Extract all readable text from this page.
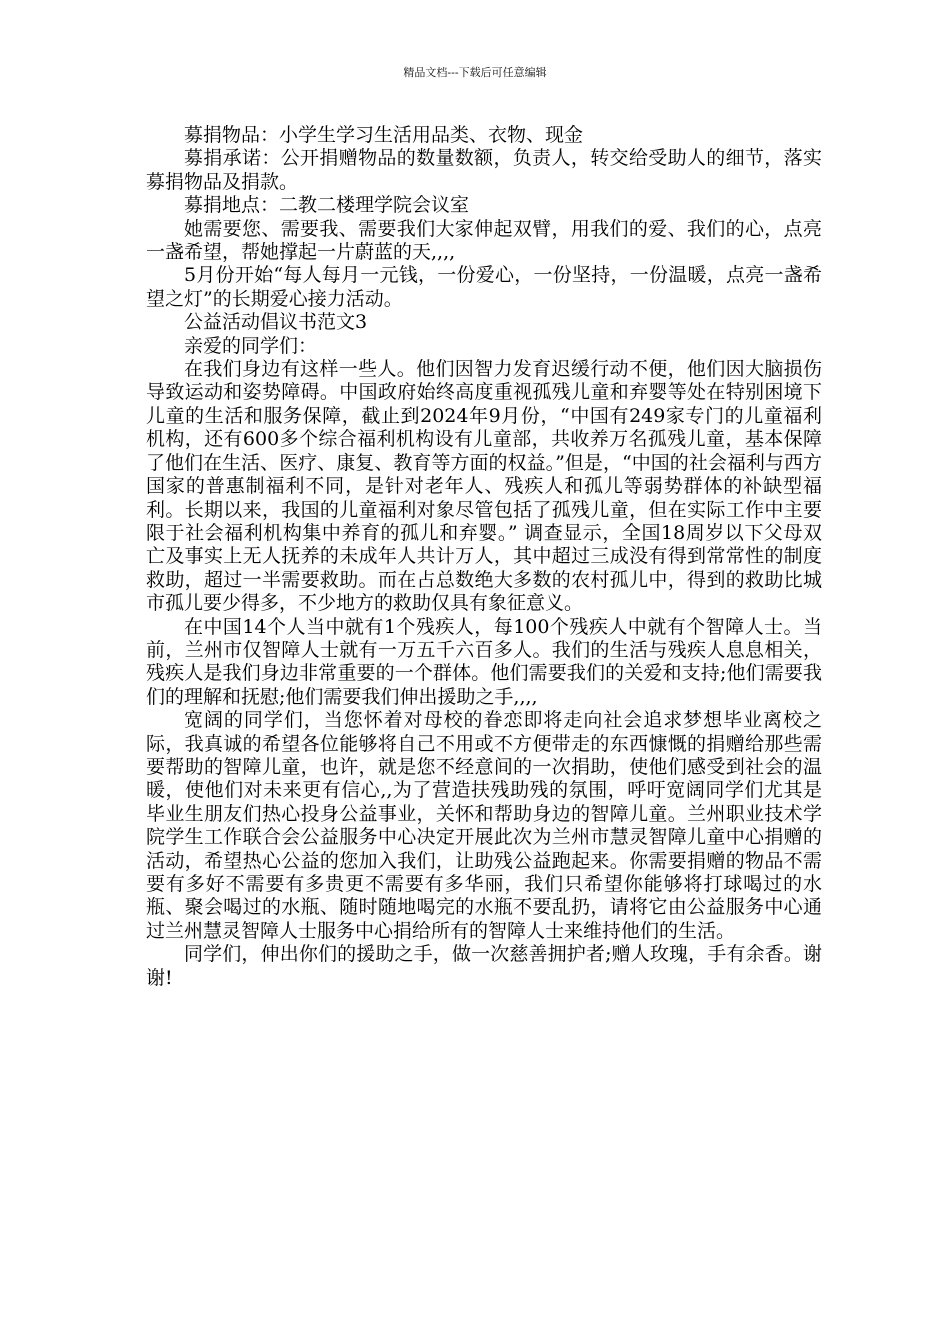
精品文档---下载后可任意编辑

募捐物品：小学生学习生活用品类、衣物、现金

募捐承诺：公开捐赠物品的数量数额，负责人，转交给受助人的细节，落实募捐物品及捐款。

募捐地点：二教二楼理学院会议室

她需要您、需要我、需要我们大家伸起双臂，用我们的爱、我们的心，点亮一盏希望，帮她撑起一片蔚蓝的天,,,,

5月份开始“每人每月一元钱，一份爱心，一份坚持，一份温暖，点亮一盏希望之灯”的长期爱心接力活动。

公益活动倡议书范文3

亲爱的同学们：

在我们身边有这样一些人。他们因智力发育迟缓行动不便，他们因大脑损伤导致运动和姿势障碍。中国政府始终高度重视孤残儿童和弃婴等处在特别困境下儿童的生活和服务保障，截止到2024年9月份，“中国有249家专门的儿童福利机构，还有600多个综合福利机构设有儿童部，共收养万名孤残儿童，基本保障了他们在生活、医疗、康复、教育等方面的权益。”但是，“中国的社会福利与西方国家的普惠制福利不同，是针对老年人、残疾人和孤儿等弱势群体的补缺型福利。长期以来，我国的儿童福利对象尽管包括了孤残儿童，但在实际工作中主要限于社会福利机构集中养育的孤儿和弃婴。” 调查显示，全国18周岁以下父母双亡及事实上无人抚养的未成年人共计万人，其中超过三成没有得到常常性的制度救助，超过一半需要救助。而在占总数绝大多数的农村孤儿中，得到的救助比城市孤儿要少得多，不少地方的救助仅具有象征意义。

在中国14个人当中就有1个残疾人，每100个残疾人中就有个智障人士。当前，兰州市仅智障人士就有一万五千六百多人。我们的生活与残疾人息息相关，残疾人是我们身边非常重要的一个群体。他们需要我们的关爱和支持;他们需要我们的理解和抚慰;他们需要我们伸出援助之手,,,,

宽阔的同学们，当您怀着对母校的眷恋即将走向社会追求梦想毕业离校之际，我真诚的希望各位能够将自己不用或不方便带走的东西慷慨的捐赠给那些需要帮助的智障儿童，也许，就是您不经意间的一次捐助，使他们感受到社会的温暖，使他们对未来更有信心,,为了营造扶残助残的氛围，呼吁宽阔同学们尤其是毕业生朋友们热心投身公益事业，关怀和帮助身边的智障儿童。兰州职业技术学院学生工作联合会公益服务中心决定开展此次为兰州市慧灵智障儿童中心捐赠的活动，希望热心公益的您加入我们，让助残公益跑起来。你需要捐赠的物品不需要有多好不需要有多贵更不需要有多华丽，我们只希望你能够将打球喝过的水瓶、聚会喝过的水瓶、随时随地喝完的水瓶不要乱扔，请将它由公益服务中心通过兰州慧灵智障人士服务中心捐给所有的智障人士来维持他们的生活。

同学们，伸出你们的援助之手，做一次慈善拥护者;赠人玫瑰，手有余香。谢谢!
